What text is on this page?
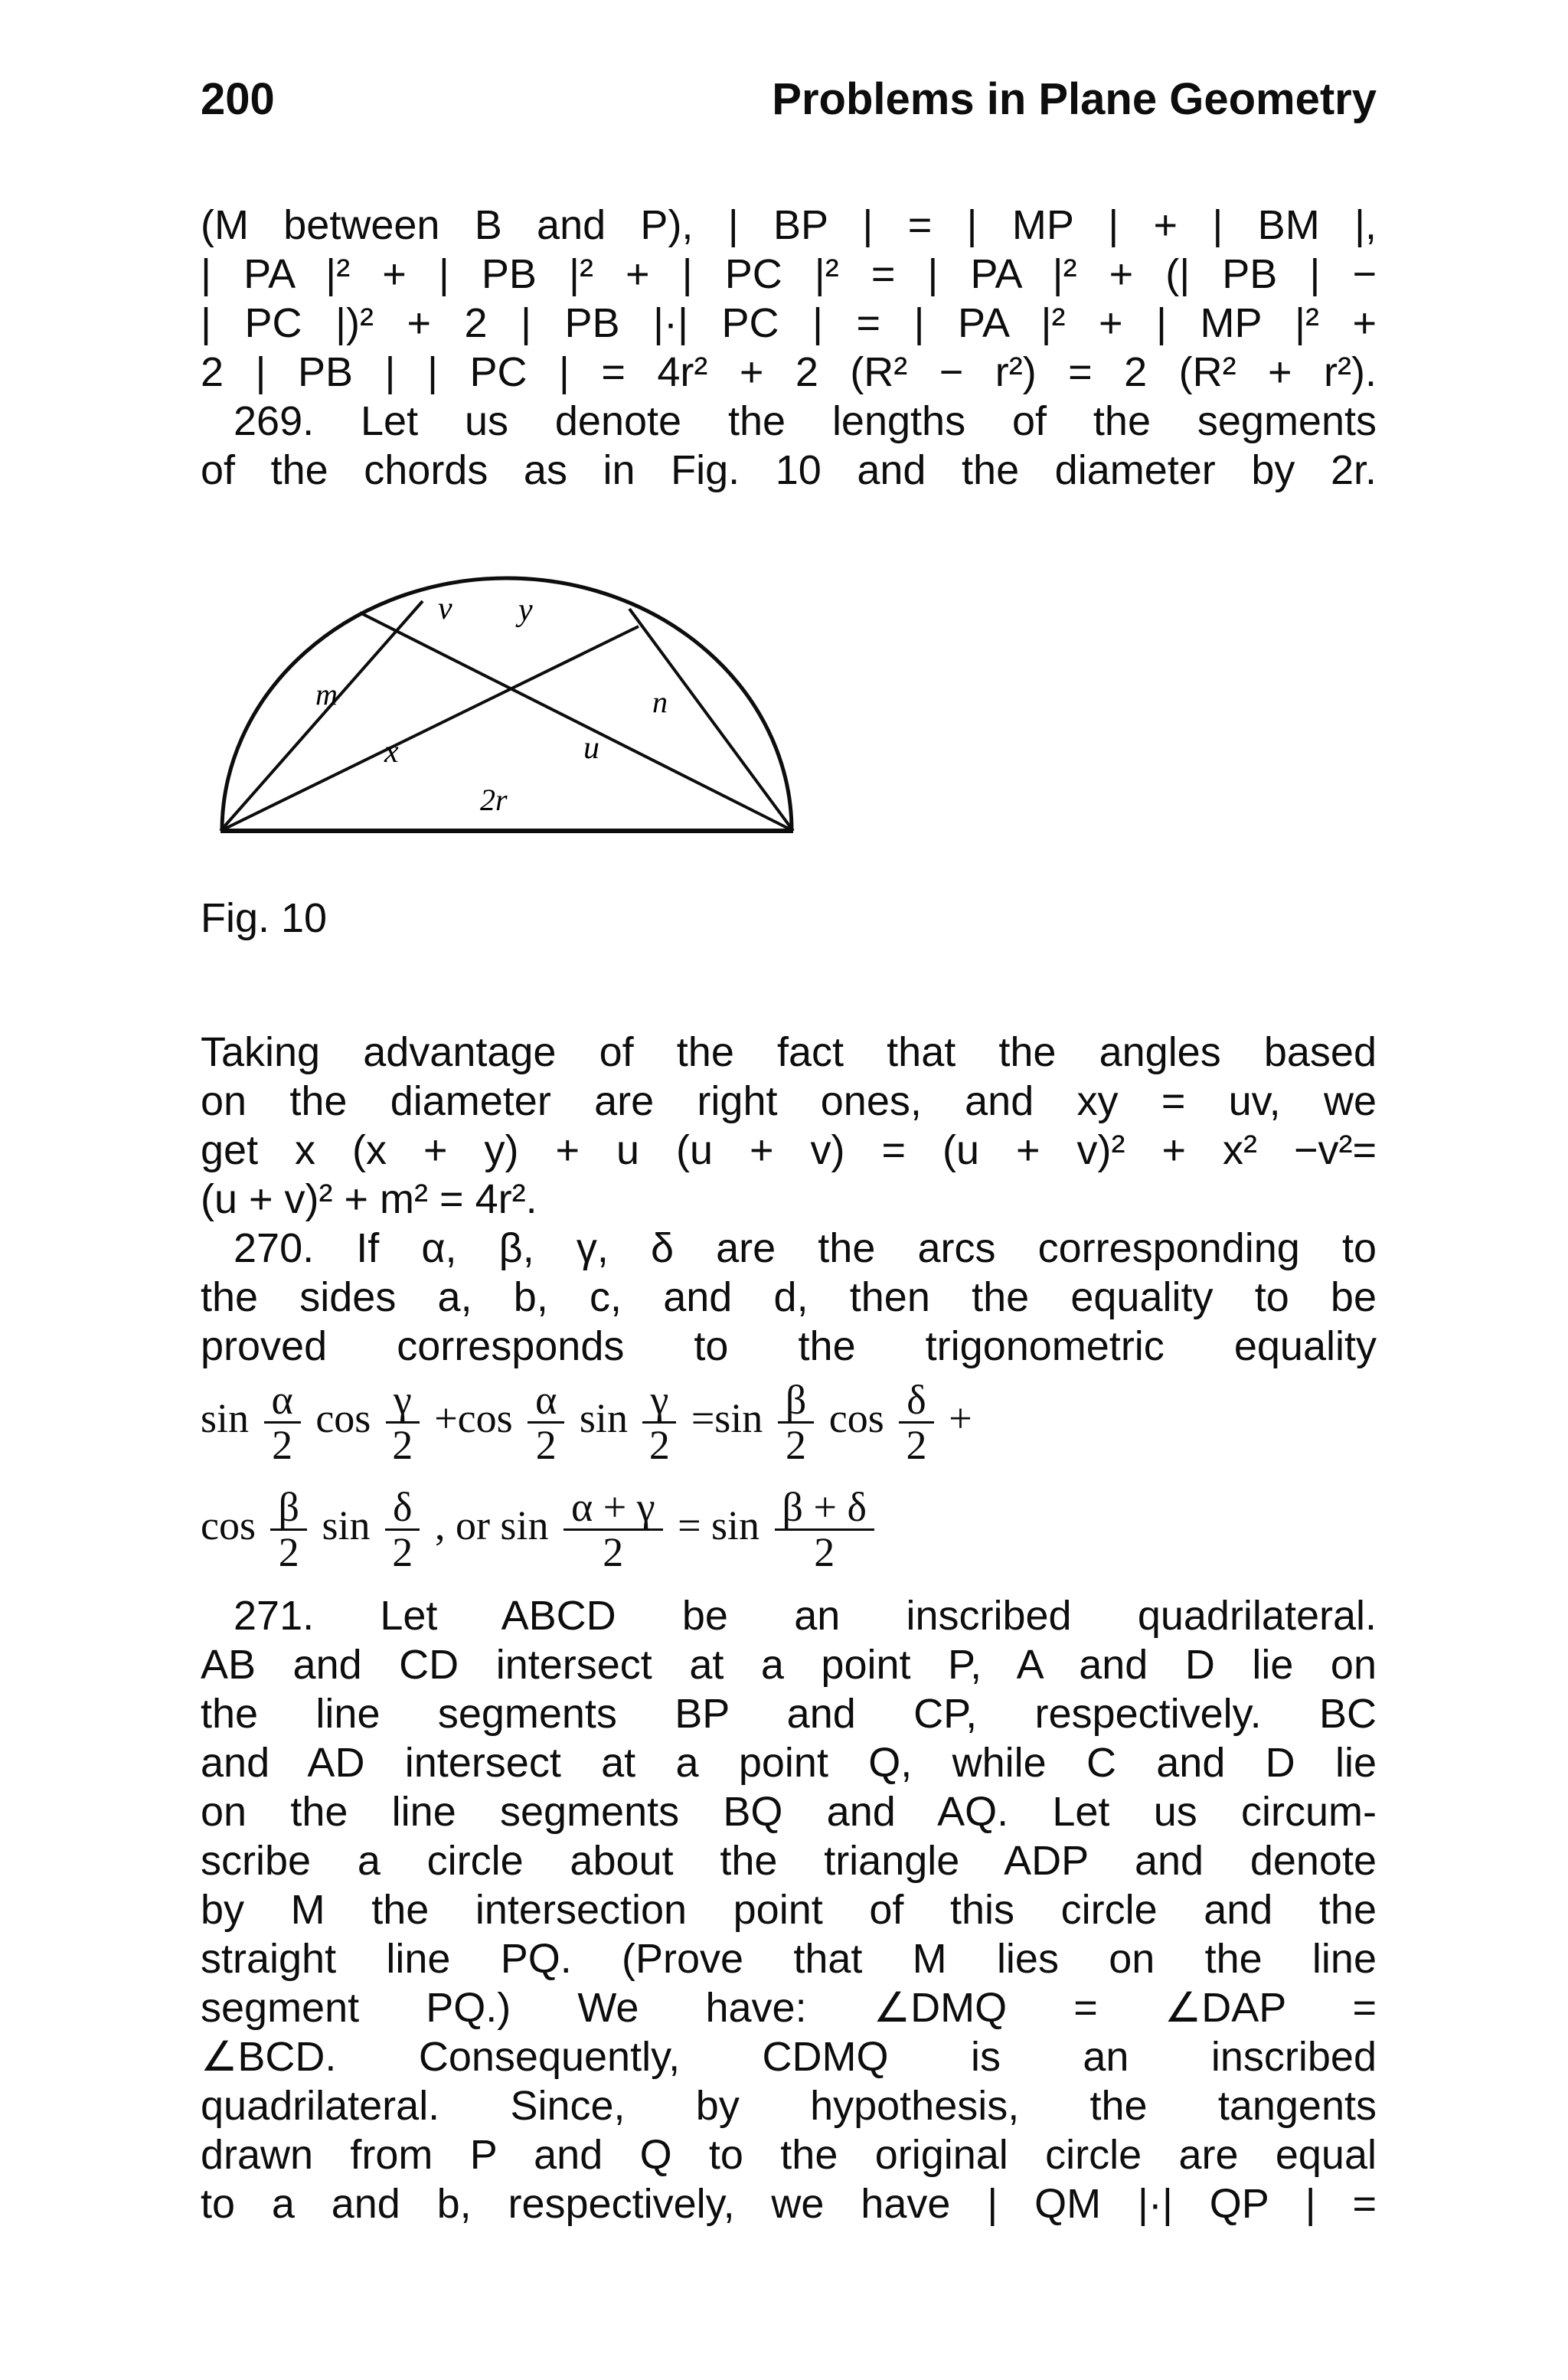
200	Problems in Plane Geometry
(M between B and P), | BP | = | MP | + | BM |,
| PA |² + | PB |² + | PC |² = | PA |² + (| PB | −
| PC |)² + 2 | PB |·| PC | = | PA |² + | MP |² +
2 | PB | | PC | = 4r² + 2 (R² − r²) = 2 (R² + r²).
269. Let us denote the lengths of the segments
of the chords as in Fig. 10 and the diameter by 2r.
v y
m	n
x	u
2r
Fig. 10
Taking advantage of the fact that the angles based
on the diameter are right ones, and xy = uv, we
get x (x + y) + u (u + v) = (u + v)² + x² −v²=
(u + v)² + m² = 4r².
270. If α, β, γ, δ are the arcs corresponding to
the sides a, b, c, and d, then the equality to be
proved corresponds to the trigonometric equality
$\sin \frac{\alpha}{2}$ $\cos \frac{\gamma}{2} +\cos \frac{\alpha}{2}$ $\sin \frac{\gamma}{2} =\sin \frac{\beta}{2}$ $\cos \frac{\delta}{2}$ +
$\cos \frac{\beta}{2}$ $\sin \frac{\delta}{2}$ , or $\sin \frac{\alpha + \gamma}{2} = \sin \frac{\beta + \delta}{2}$
271. Let ABCD be an inscribed quadrilateral.
AB and CD intersect at a point P, A and D lie on
the line segments BP and CP, respectively. BC
and AD intersect at a point Q, while C and D lie
on the line segments BQ and AQ. Let us circum-
scribe a circle about the triangle ADP and denote
by M the intersection point of this circle and the
straight line PQ. (Prove that M lies on the line
segment PQ.) We have: ∠DMQ = ∠DAP =
∠BCD. Consequently, CDMQ is an inscribed
quadrilateral. Since, by hypothesis, the tangents
drawn from P and Q to the original circle are equal
to a and b, respectively, we have | QM |·| QP | =
